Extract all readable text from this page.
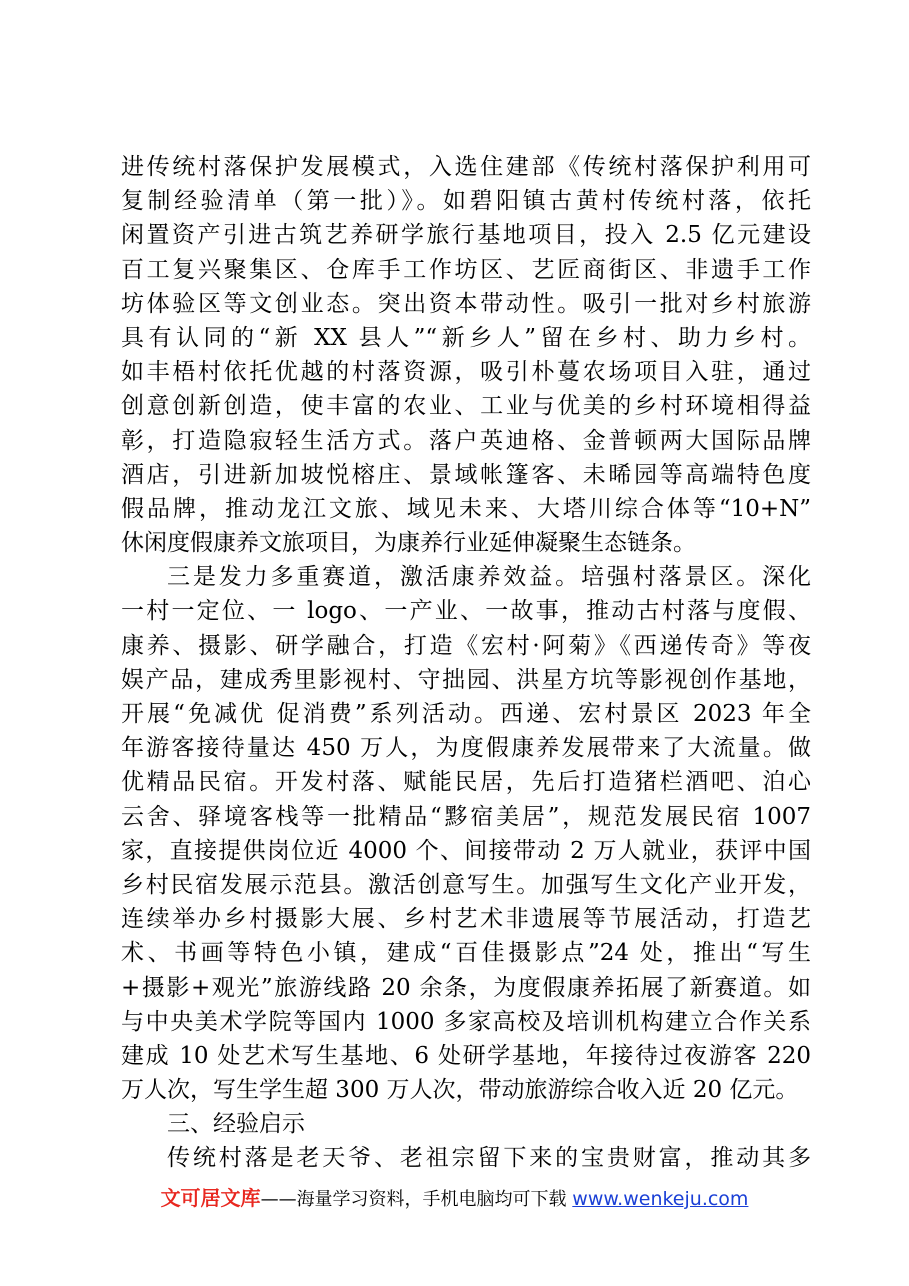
进传统村落保护发展模式，入选住建部《传统村落保护利用可
复制经验清单（第一批）》。如碧阳镇古黄村传统村落，依托
闲置资产引进古筑艺养研学旅行基地项目，投入 2.5 亿元建设
百工复兴聚集区、仓库手工作坊区、艺匠商街区、非遗手工作
坊体验区等文创业态。突出资本带动性。吸引一批对乡村旅游
具有认同的“新 XX 县人”“新乡人”留在乡村、助力乡村。
如丰梧村依托优越的村落资源，吸引朴蔓农场项目入驻，通过
创意创新创造，使丰富的农业、工业与优美的乡村环境相得益
彰，打造隐寂轻生活方式。落户英迪格、金普顿两大国际品牌
酒店，引进新加坡悦榕庄、景域帐篷客、未晞园等高端特色度
假品牌，推动龙江文旅、域见未来、大塔川综合体等“10+N”
休闲度假康养文旅项目，为康养行业延伸凝聚生态链条。
三是发力多重赛道，激活康养效益。培强村落景区。深化
一村一定位、一 logo、一产业、一故事，推动古村落与度假、
康养、摄影、研学融合，打造《宏村·阿菊》《西递传奇》等夜
娱产品，建成秀里影视村、守拙园、洪星方坑等影视创作基地，
开展“免减优 促消费”系列活动。西递、宏村景区 2023 年全
年游客接待量达 450 万人，为度假康养发展带来了大流量。做
优精品民宿。开发村落、赋能民居，先后打造猪栏酒吧、泊心
云舍、驿境客栈等一批精品“黟宿美居”，规范发展民宿 1007
家，直接提供岗位近 4000 个、间接带动 2 万人就业，获评中国
乡村民宿发展示范县。激活创意写生。加强写生文化产业开发，
连续举办乡村摄影大展、乡村艺术非遗展等节展活动，打造艺
术、书画等特色小镇，建成“百佳摄影点”24 处，推出“写生
+摄影+观光”旅游线路 20 余条，为度假康养拓展了新赛道。如
与中央美术学院等国内 1000 多家高校及培训机构建立合作关系
建成 10 处艺术写生基地、6 处研学基地，年接待过夜游客 220
万人次，写生学生超 300 万人次，带动旅游综合收入近 20 亿元。
三、经验启示
传统村落是老天爷、老祖宗留下来的宝贵财富，推动其多
文可居文库——海量学习资料，手机电脑均可下载 www.wenkeju.com
